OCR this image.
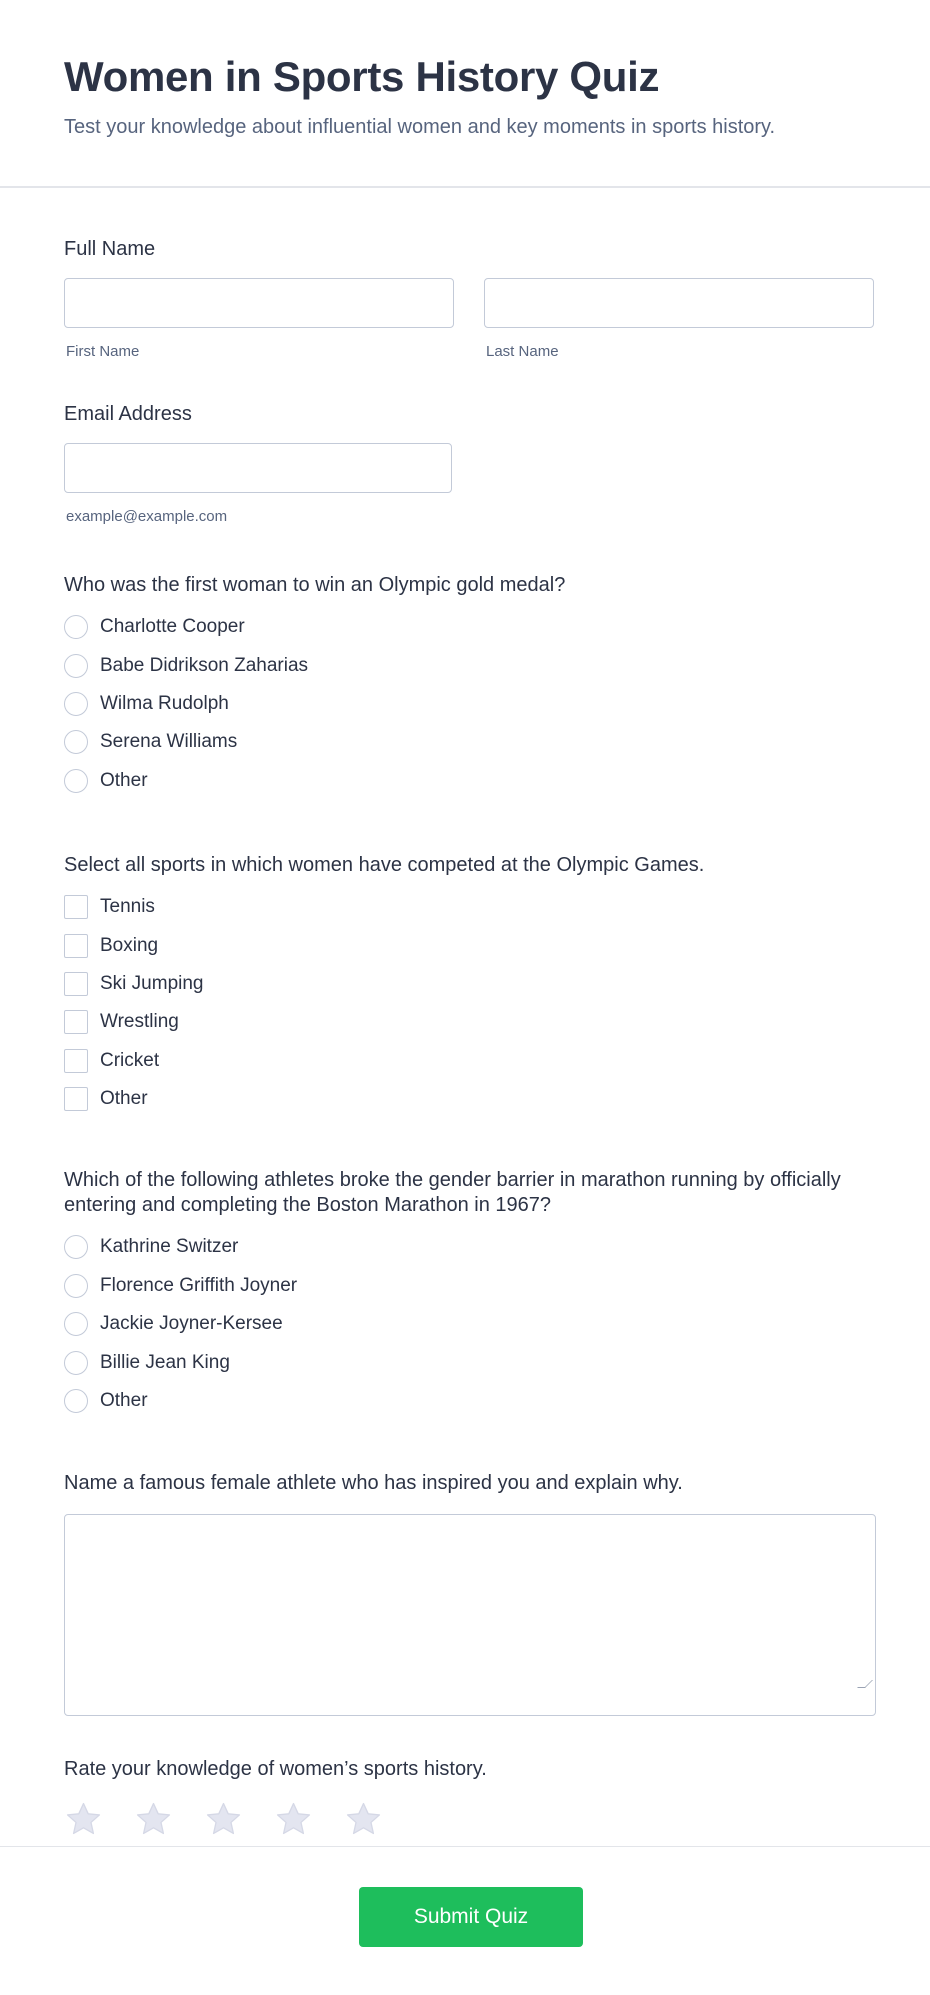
Women in Sports History Quiz

Test your knowledge about influential women and key moments in sports history.

Full Name
First Name	Last Name
Email Address
example@example.com
Who was the first woman to win an Olympic gold medal?
Charlotte Cooper
Babe Didrikson Zaharias
Wilma Rudolph
Serena Williams
Other
Select all sports in which women have competed at the Olympic Games.
Tennis
Boxing
Ski Jumping
Wrestling
Cricket
Other
Which of the following athletes broke the gender barrier in marathon running by officially entering and completing the Boston Marathon in 1967?
Kathrine Switzer
Florence Griffith Joyner
Jackie Joyner-Kersee
Billie Jean King
Other
Name a famous female athlete who has inspired you and explain why.
Rate your knowledge of women’s sports history.
Submit Quiz
